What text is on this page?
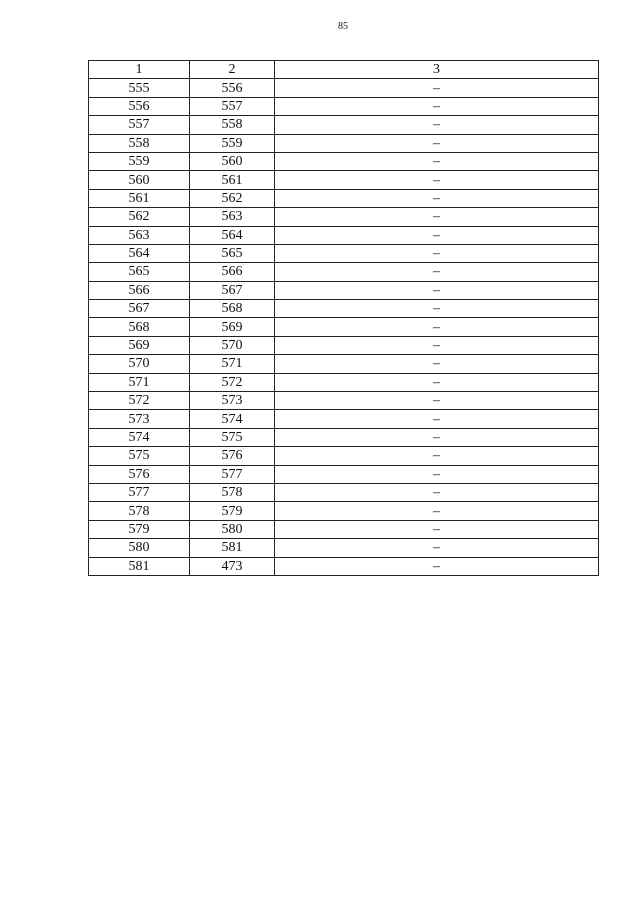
85
1	2	3
555	556	–
556	557	–
557	558	–
558	559	–
559	560	–
560	561	–
561	562	–
562	563	–
563	564	–
564	565	–
565	566	–
566	567	–
567	568	–
568	569	–
569	570	–
570	571	–
571	572	–
572	573	–
573	574	–
574	575	–
575	576	–
576	577	–
577	578	–
578	579	–
579	580	–
580	581	–
581	473	–
